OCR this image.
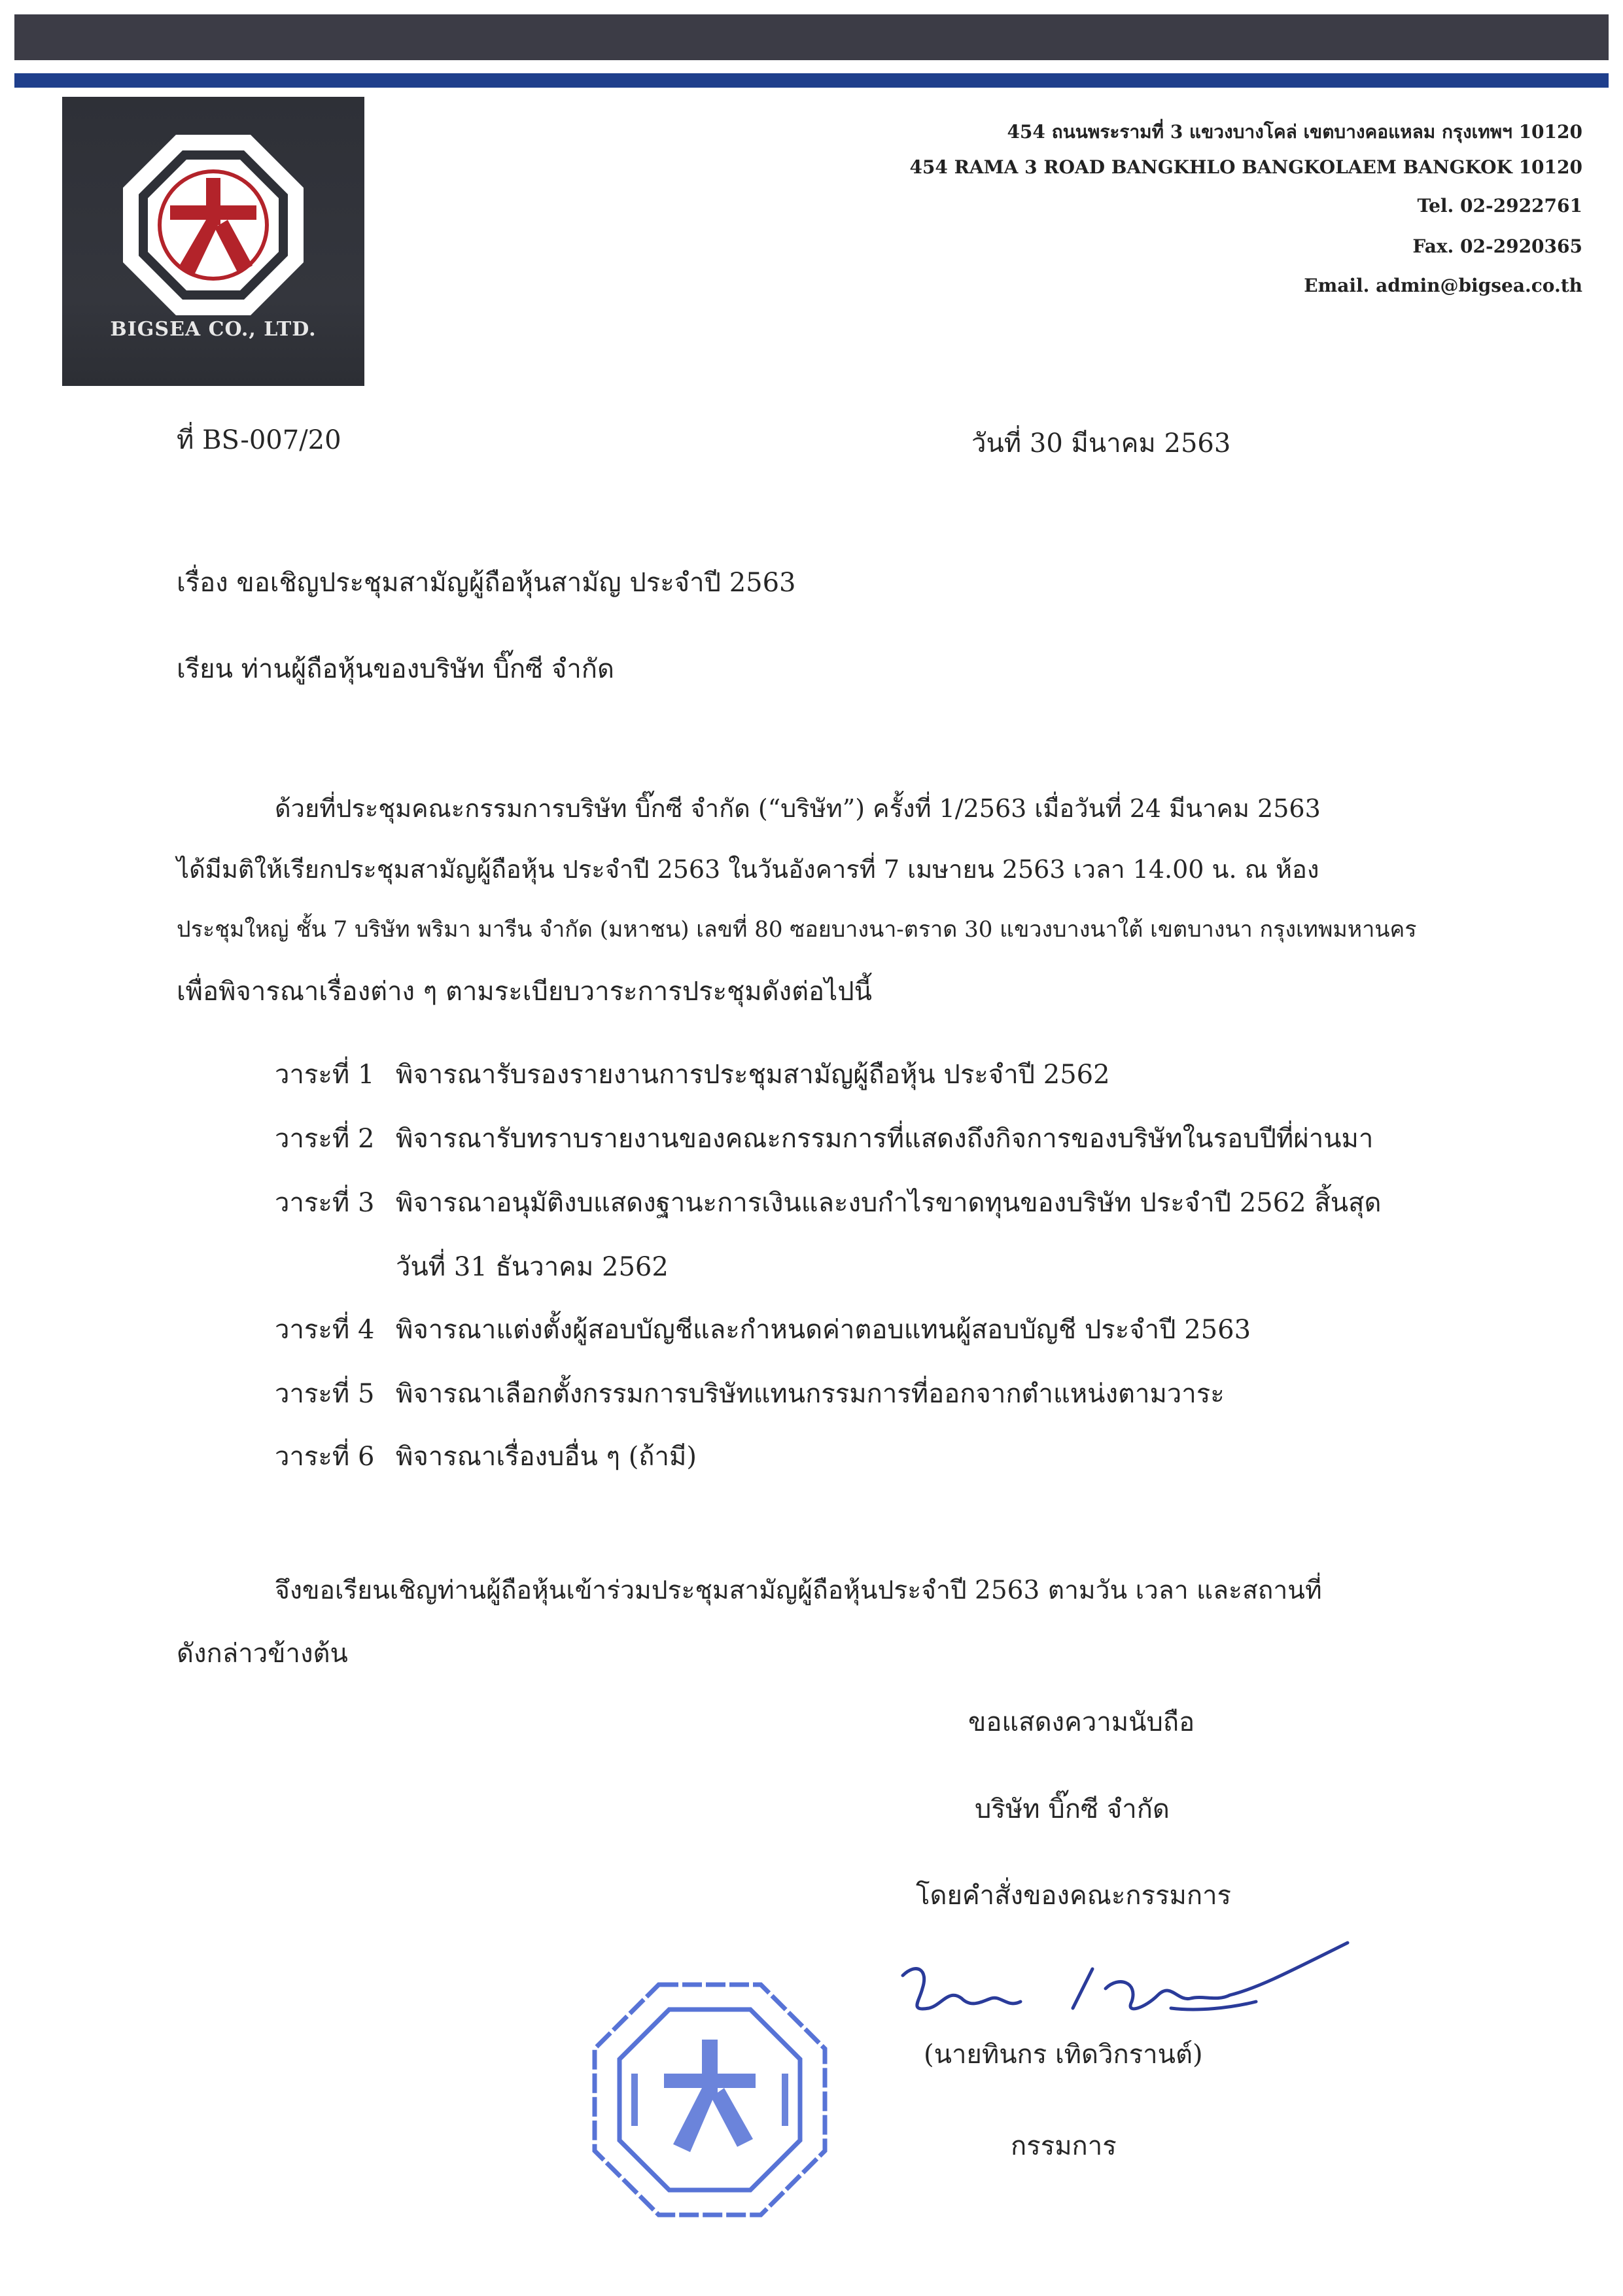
BIGSEA CO., LTD.
454 ถนนพระรามที่ 3 แขวงบางโคล่ เขตบางคอแหลม กรุงเทพฯ 10120
454 RAMA 3 ROAD BANGKHLO BANGKOLAEM BANGKOK 10120
Tel. 02-2922761
Fax. 02-2920365
Email. admin@bigsea.co.th
ที่ BS-007/20	วันที่ 30 มีนาคม 2563
เรื่อง ขอเชิญประชุมสามัญผู้ถือหุ้นสามัญ ประจำปี 2563
เรียน ท่านผู้ถือหุ้นของบริษัท บิ๊กซี จำกัด
ด้วยที่ประชุมคณะกรรมการบริษัท บิ๊กซี จำกัด (“บริษัท”) ครั้งที่ 1/2563 เมื่อวันที่ 24 มีนาคม 2563
ได้มีมติให้เรียกประชุมสามัญผู้ถือหุ้น ประจำปี 2563 ในวันอังคารที่ 7 เมษายน 2563 เวลา 14.00 น. ณ ห้อง
ประชุมใหญ่ ชั้น 7 บริษัท พริมา มารีน จำกัด (มหาชน) เลขที่ 80 ซอยบางนา-ตราด 30 แขวงบางนาใต้ เขตบางนา กรุงเทพมหานคร
เพื่อพิจารณาเรื่องต่าง ๆ ตามระเบียบวาระการประชุมดังต่อไปนี้
วาระที่ 1 พิจารณารับรองรายงานการประชุมสามัญผู้ถือหุ้น ประจำปี 2562
วาระที่ 2 พิจารณารับทราบรายงานของคณะกรรมการที่แสดงถึงกิจการของบริษัทในรอบปีที่ผ่านมา
วาระที่ 3 พิจารณาอนุมัติงบแสดงฐานะการเงินและงบกำไรขาดทุนของบริษัท ประจำปี 2562 สิ้นสุด
วันที่ 31 ธันวาคม 2562
วาระที่ 4 พิจารณาแต่งตั้งผู้สอบบัญชีและกำหนดค่าตอบแทนผู้สอบบัญชี ประจำปี 2563
วาระที่ 5 พิจารณาเลือกตั้งกรรมการบริษัทแทนกรรมการที่ออกจากตำแหน่งตามวาระ
วาระที่ 6 พิจารณาเรื่องบอื่น ๆ (ถ้ามี)
จึงขอเรียนเชิญท่านผู้ถือหุ้นเข้าร่วมประชุมสามัญผู้ถือหุ้นประจำปี 2563 ตามวัน เวลา และสถานที่
ดังกล่าวข้างต้น
ขอแสดงความนับถือ
บริษัท บิ๊กซี จำกัด
โดยคำสั่งของคณะกรรมการ
(นายทินกร เทิดวิกรานต์)
กรรมการ
